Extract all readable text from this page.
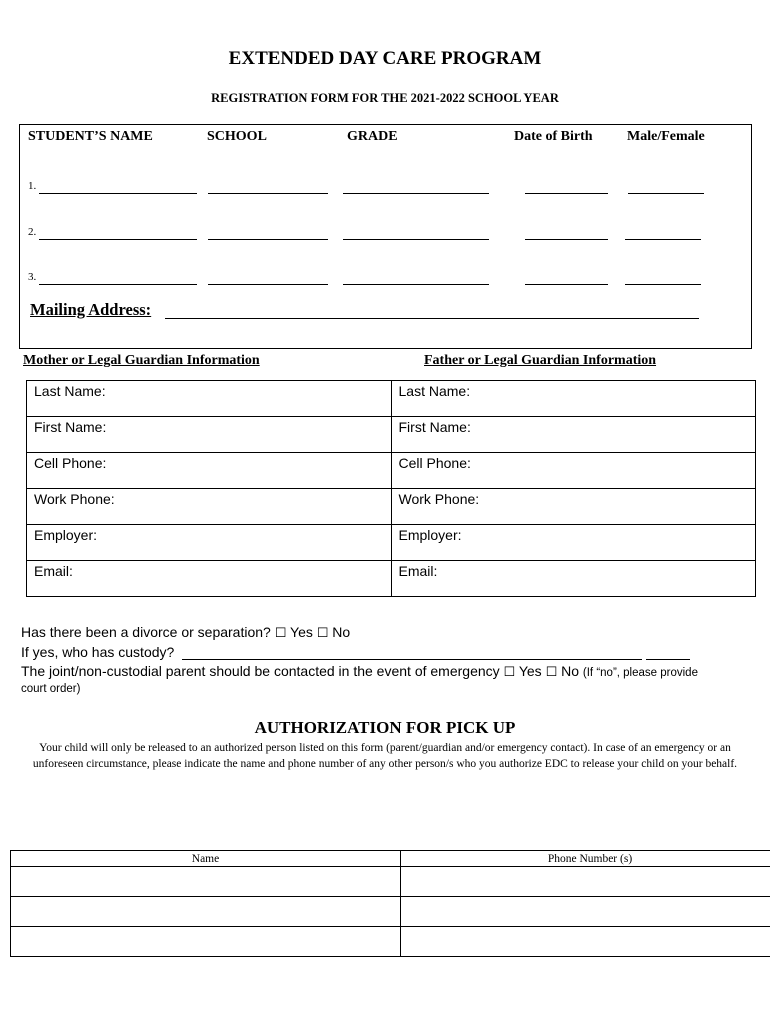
EXTENDED DAY CARE PROGRAM
REGISTRATION FORM FOR THE 2021-2022 SCHOOL YEAR
STUDENT’S NAME	SCHOOL	GRADE	Date of Birth Male/Female
1.
2.
3.
Mailing Address:
Mother or Legal Guardian Information	Father or Legal Guardian Information
Last Name:	Last Name:
First Name:	First Name:
Cell Phone:	Cell Phone:
Work Phone:	Work Phone:
Employer:	Employer:
Email:	Email:
Has there been a divorce or separation? ☐ Yes ☐ No
If yes, who has custody?
The joint/non-custodial parent should be contacted in the event of emergency ☐ Yes ☐ No (If “no”, please provide
court order)
AUTHORIZATION FOR PICK UP
Your child will only be released to an authorized person listed on this form (parent/guardian and/or emergency contact). In case of an emergency or an unforeseen circumstance, please indicate the name and phone number of any other person/s who you authorize EDC to release your child on your behalf.
Name	Phone Number (s)
